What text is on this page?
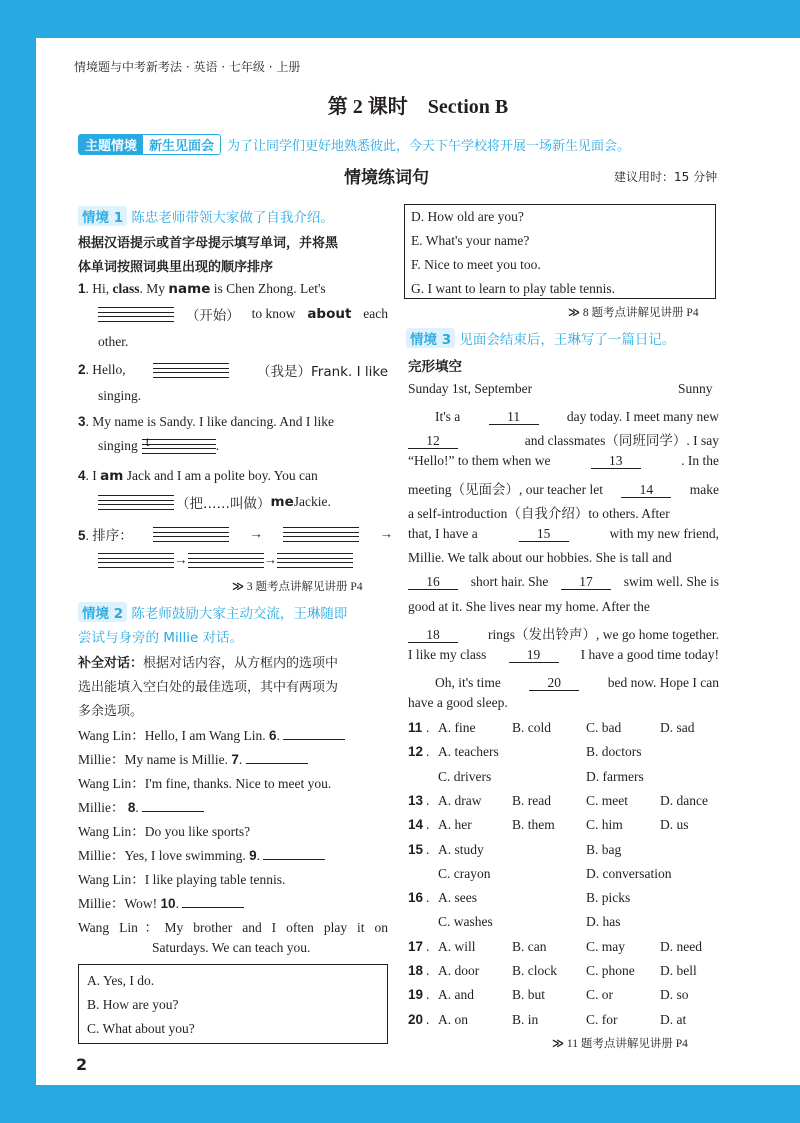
情境题与中考新考法 · 英语 · 七年级 · 上册
第 2 课时　Section B
主题情境 新生见面会	为了让同学们更好地熟悉彼此，今天下午学校将开展一场新生见面会。
情境练词句	建议用时：15 分钟
情境 1 陈忠老师带领大家做了自我介绍。
根据汉语提示或首字母提示填写单词，并将黑
体单词按照词典里出现的顺序排序
1. Hi, class. My name is Chen Zhong. Let's
（开始） to know about each
other.
2. Hello,	（我是）Frank. I like
singing.
3. My name is Sandy. I like dancing. And I like
singing t	.
4. I am Jack and I am a polite boy. You can
（把……叫做） me Jackie.
5. 排序：	→	→
→	→
≫ 3 题考点讲解见讲册 P4
情境 2 陈老师鼓励大家主动交流，王琳随即
尝试与身旁的 Millie 对话。
补全对话：根据对话内容，从方框内的选项中
选出能填入空白处的最佳选项，其中有两项为
多余选项。
Wang Lin：Hello, I am Wang Lin. 6.
Millie：My name is Millie. 7.
Wang Lin：I'm fine, thanks. Nice to meet you.
Millie： 8.
Wang Lin：Do you like sports?
Millie：Yes, I love swimming. 9.
Wang Lin：I like playing table tennis.
Millie：Wow! 10.
Wang Lin：My brother and I often play it on
Saturdays. We can teach you.
A. Yes, I do.
B. How are you?
C. What about you?
2
D. How old are you?
E. What's your name?
F. Nice to meet you too.
G. I want to learn to play table tennis.
≫ 8 题考点讲解见讲册 P4
情境 3 见面会结束后，王琳写了一篇日记。
完形填空
Sunday 1st, September	Sunny
　　It's a	11	day today. I meet many new
12	and classmates（同班同学）. I say
“Hello!” to them when we	13	. In the
meeting（见面会）, our teacher let	14	make
a self-introduction（自我介绍）to others. After
that, I have a	15	with my new friend,
Millie. We talk about our hobbies. She is tall and
16	short hair. She	17	swim well. She is
good at it. She lives near my home. After the
18	rings（发出铃声）, we go home together.
I like my class	19	I have a good time today!
　　Oh, it's time	20	bed now. Hope I can
have a good sleep.
11 . A. fine	B. cold	C. bad	D. sad
12 . A. teachers	B. doctors
C. drivers	D. farmers
13 . A. draw B. read	C. meet D. dance
14 . A. her	B. them C. him	D. us
15 . A. study	B. bag
C. crayon	D. conversation
16 . A. sees	B. picks
C. washes	D. has
17 . A. will	B. can	C. may	D. need
18 . A. door B. clock C. phone D. bell
19 . A. and	B. but	C. or	D. so
20 . A. on	B. in	C. for	D. at
≫ 11 题考点讲解见讲册 P4
